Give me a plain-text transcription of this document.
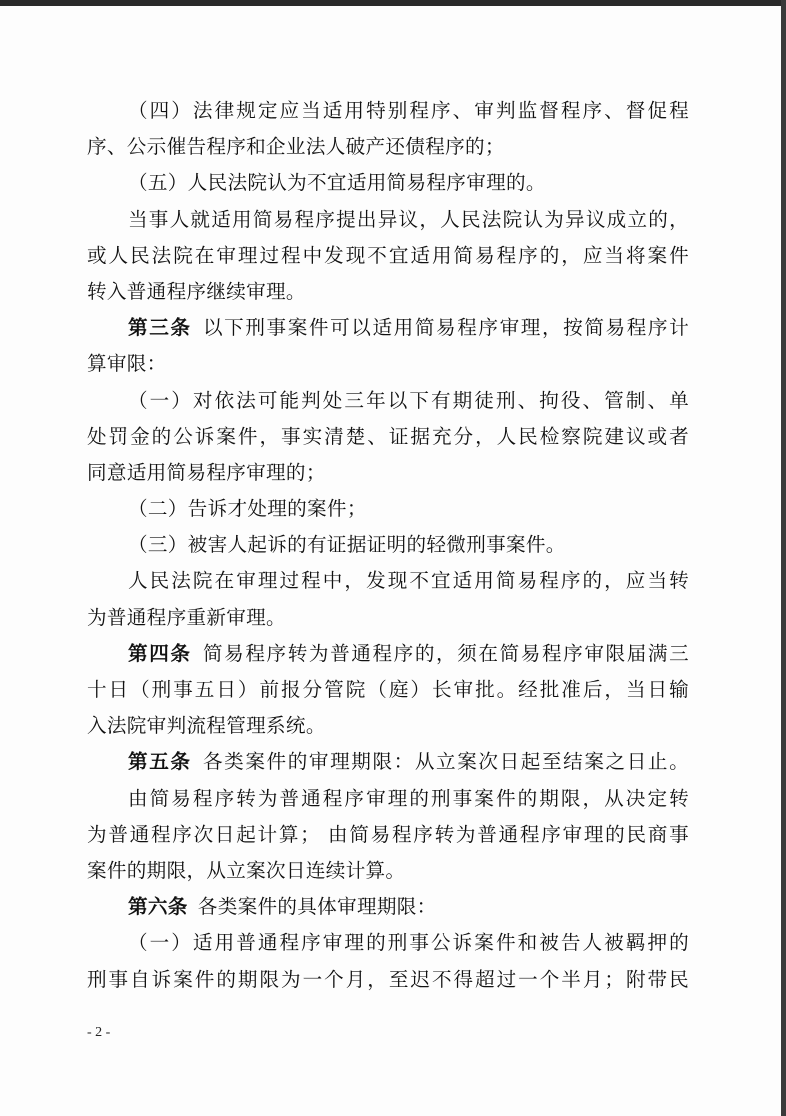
（四）法律规定应当适用特别程序、审判监督程序、督促程
序、公示催告程序和企业法人破产还债程序的；
（五）人民法院认为不宜适用简易程序审理的。
当事人就适用简易程序提出异议，人民法院认为异议成立的，
或人民法院在审理过程中发现不宜适用简易程序的，应当将案件
转入普通程序继续审理。
第三条  以下刑事案件可以适用简易程序审理，按简易程序计
算审限：
（一）对依法可能判处三年以下有期徒刑、拘役、管制、单
处罚金的公诉案件，事实清楚、证据充分，人民检察院建议或者
同意适用简易程序审理的；
（二）告诉才处理的案件；
（三）被害人起诉的有证据证明的轻微刑事案件。
人民法院在审理过程中，发现不宜适用简易程序的，应当转
为普通程序重新审理。
第四条  简易程序转为普通程序的，须在简易程序审限届满三
十日（刑事五日）前报分管院（庭）长审批。经批准后，当日输
入法院审判流程管理系统。
第五条  各类案件的审理期限：从立案次日起至结案之日止。
由简易程序转为普通程序审理的刑事案件的期限，从决定转
为普通程序次日起计算； 由简易程序转为普通程序审理的民商事
案件的期限，从立案次日连续计算。
第六条  各类案件的具体审理期限：
（一）适用普通程序审理的刑事公诉案件和被告人被羁押的
刑事自诉案件的期限为一个月，至迟不得超过一个半月；附带民
- 2 -
